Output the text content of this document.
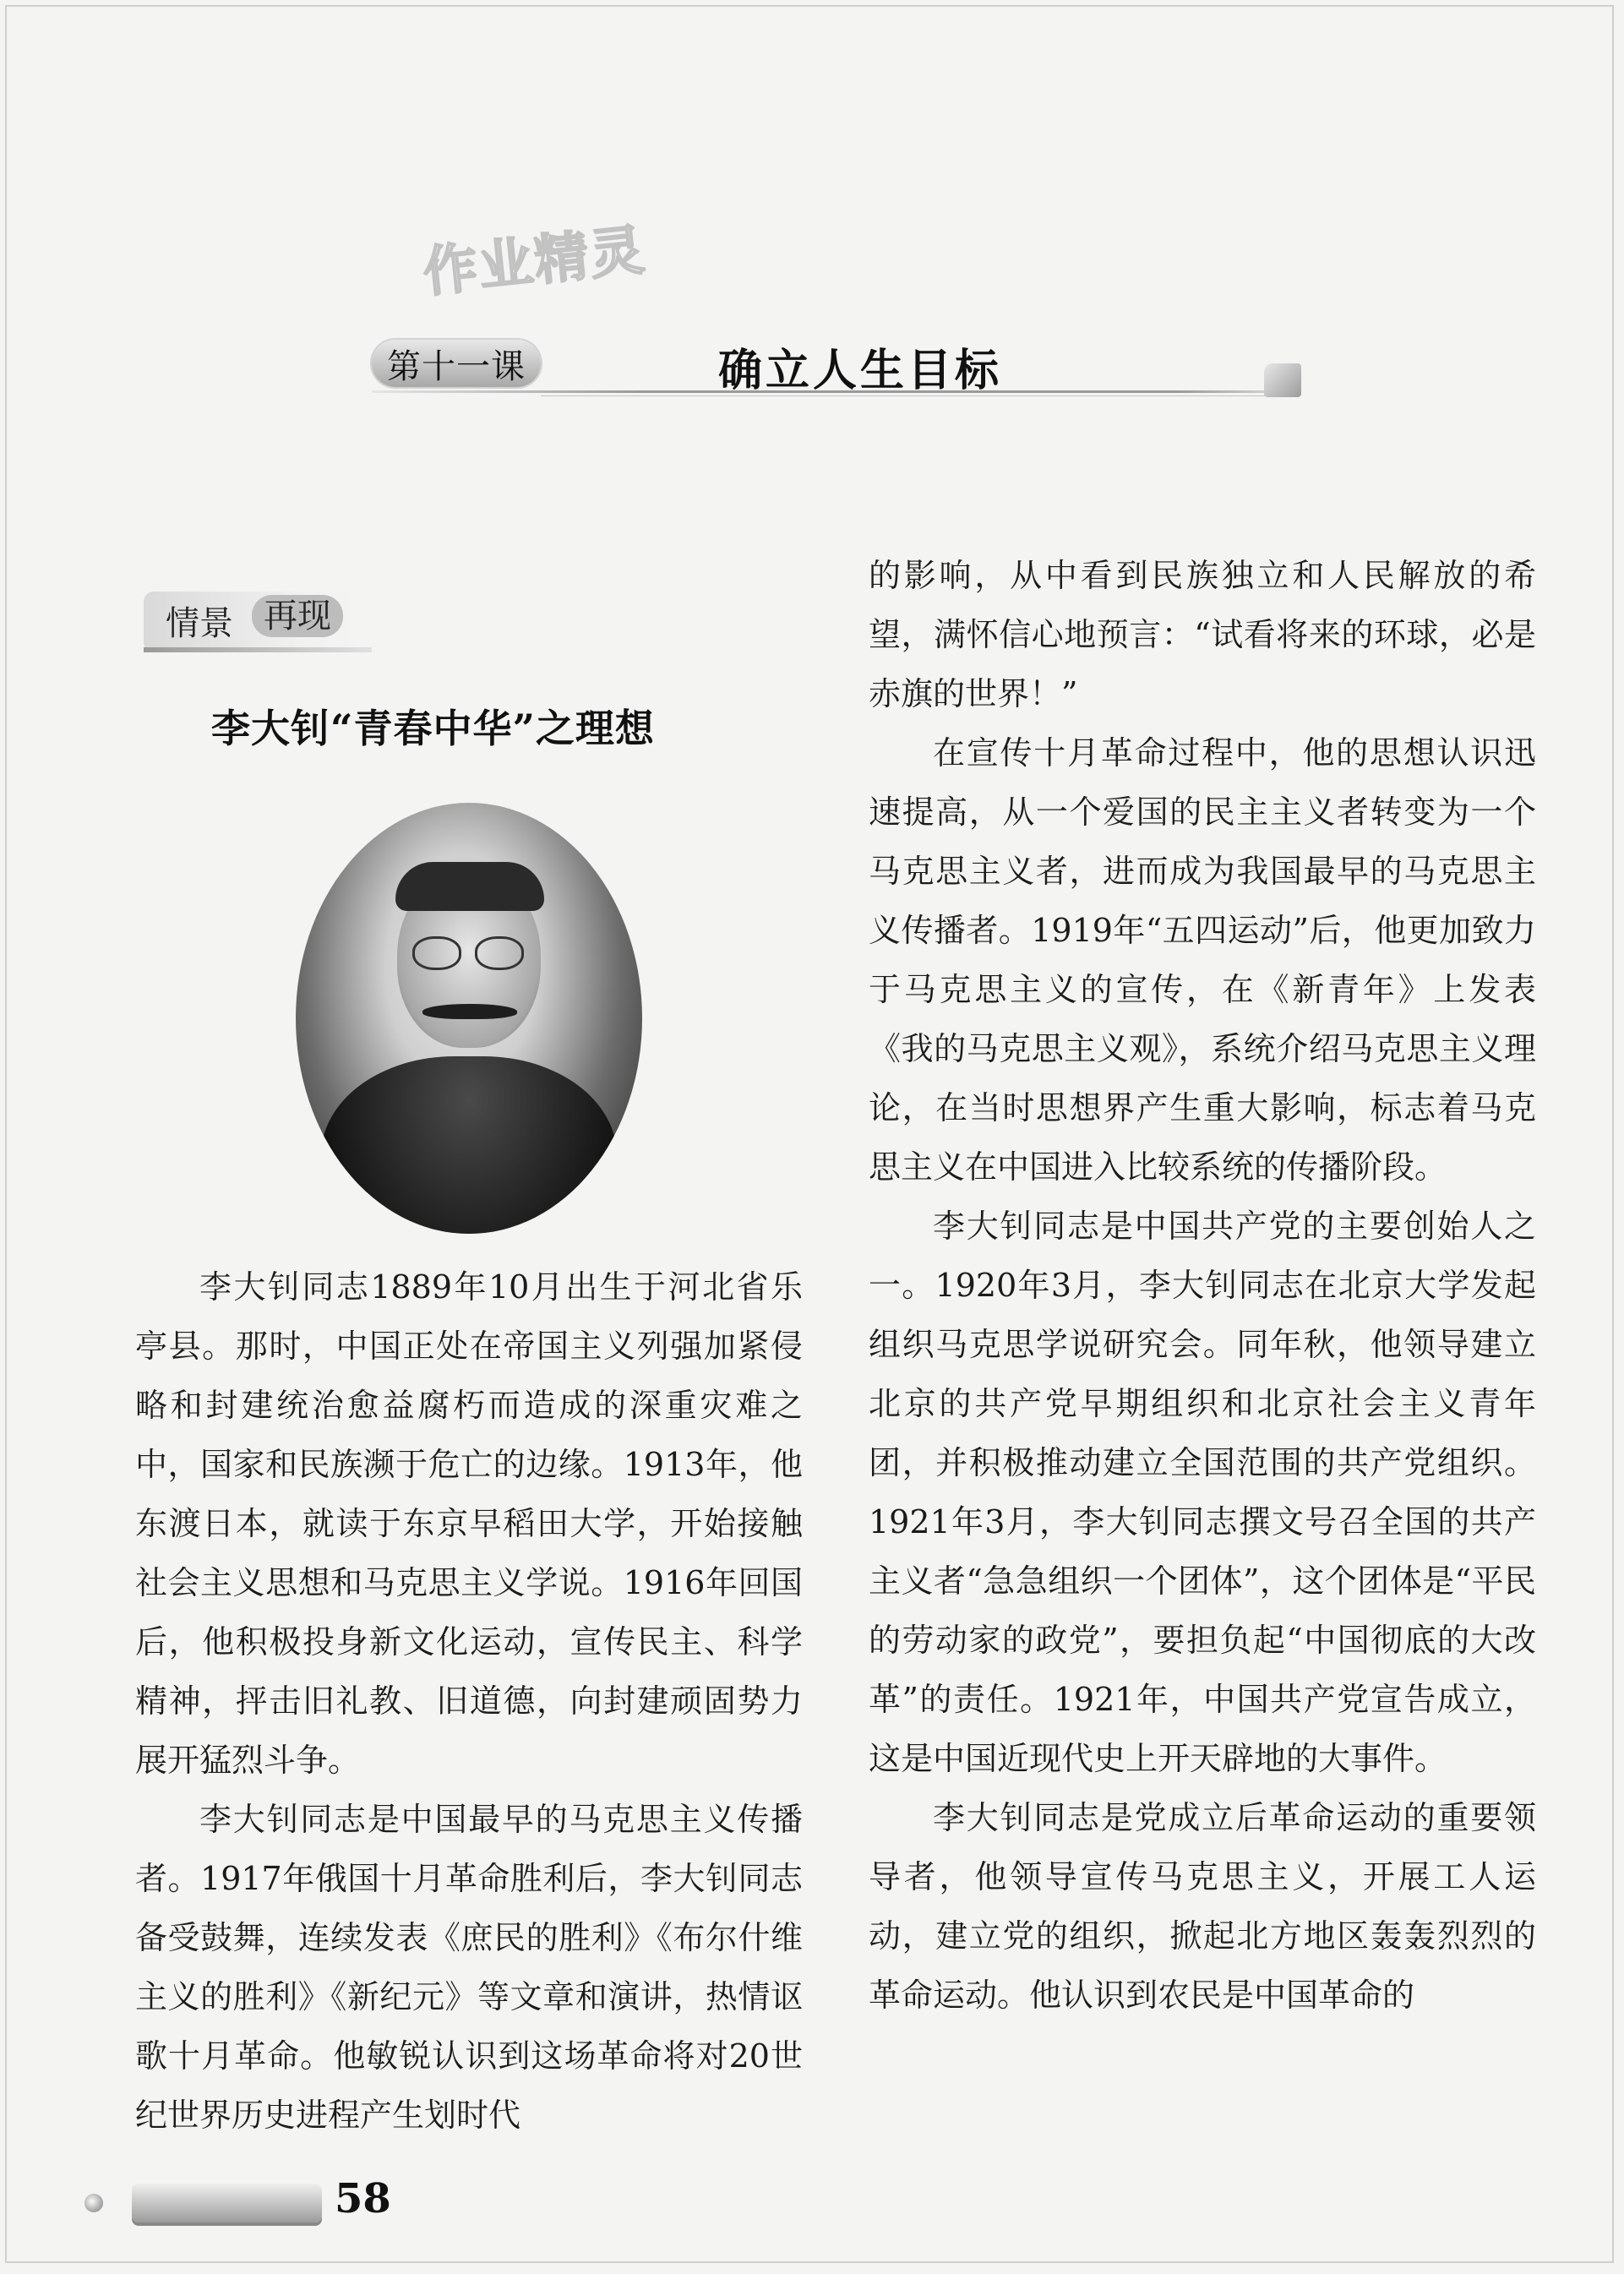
作业精灵
第十一课	确立人生目标
情景 再现
李大钊“青春中华”之理想

李大钊同志1889年10月出生于河北省乐亭县。那时，中国正处在帝国主义列强加紧侵略和封建统治愈益腐朽而造成的深重灾难之中，国家和民族濒于危亡的边缘。1913年，他东渡日本，就读于东京早稻田大学，开始接触社会主义思想和马克思主义学说。1916年回国后，他积极投身新文化运动，宣传民主、科学精神，抨击旧礼教、旧道德，向封建顽固势力展开猛烈斗争。

李大钊同志是中国最早的马克思主义传播者。1917年俄国十月革命胜利后，李大钊同志备受鼓舞，连续发表《庶民的胜利》《布尔什维主义的胜利》《新纪元》等文章和演讲，热情讴歌十月革命。他敏锐认识到这场革命将对20世纪世界历史进程产生划时代

的影响，从中看到民族独立和人民解放的希望，满怀信心地预言：“试看将来的环球，必是赤旗的世界！”

在宣传十月革命过程中，他的思想认识迅速提高，从一个爱国的民主主义者转变为一个马克思主义者，进而成为我国最早的马克思主义传播者。1919年“五四运动”后，他更加致力于马克思主义的宣传，在《新青年》上发表《我的马克思主义观》，系统介绍马克思主义理论，在当时思想界产生重大影响，标志着马克思主义在中国进入比较系统的传播阶段。

李大钊同志是中国共产党的主要创始人之一。1920年3月，李大钊同志在北京大学发起组织马克思学说研究会。同年秋，他领导建立北京的共产党早期组织和北京社会主义青年团，并积极推动建立全国范围的共产党组织。1921年3月，李大钊同志撰文号召全国的共产主义者“急急组织一个团体”，这个团体是“平民的劳动家的政党”，要担负起“中国彻底的大改革”的责任。1921年，中国共产党宣告成立，这是中国近现代史上开天辟地的大事件。

李大钊同志是党成立后革命运动的重要领导者，他领导宣传马克思主义，开展工人运动，建立党的组织，掀起北方地区轰轰烈烈的革命运动。他认识到农民是中国革命的

58
